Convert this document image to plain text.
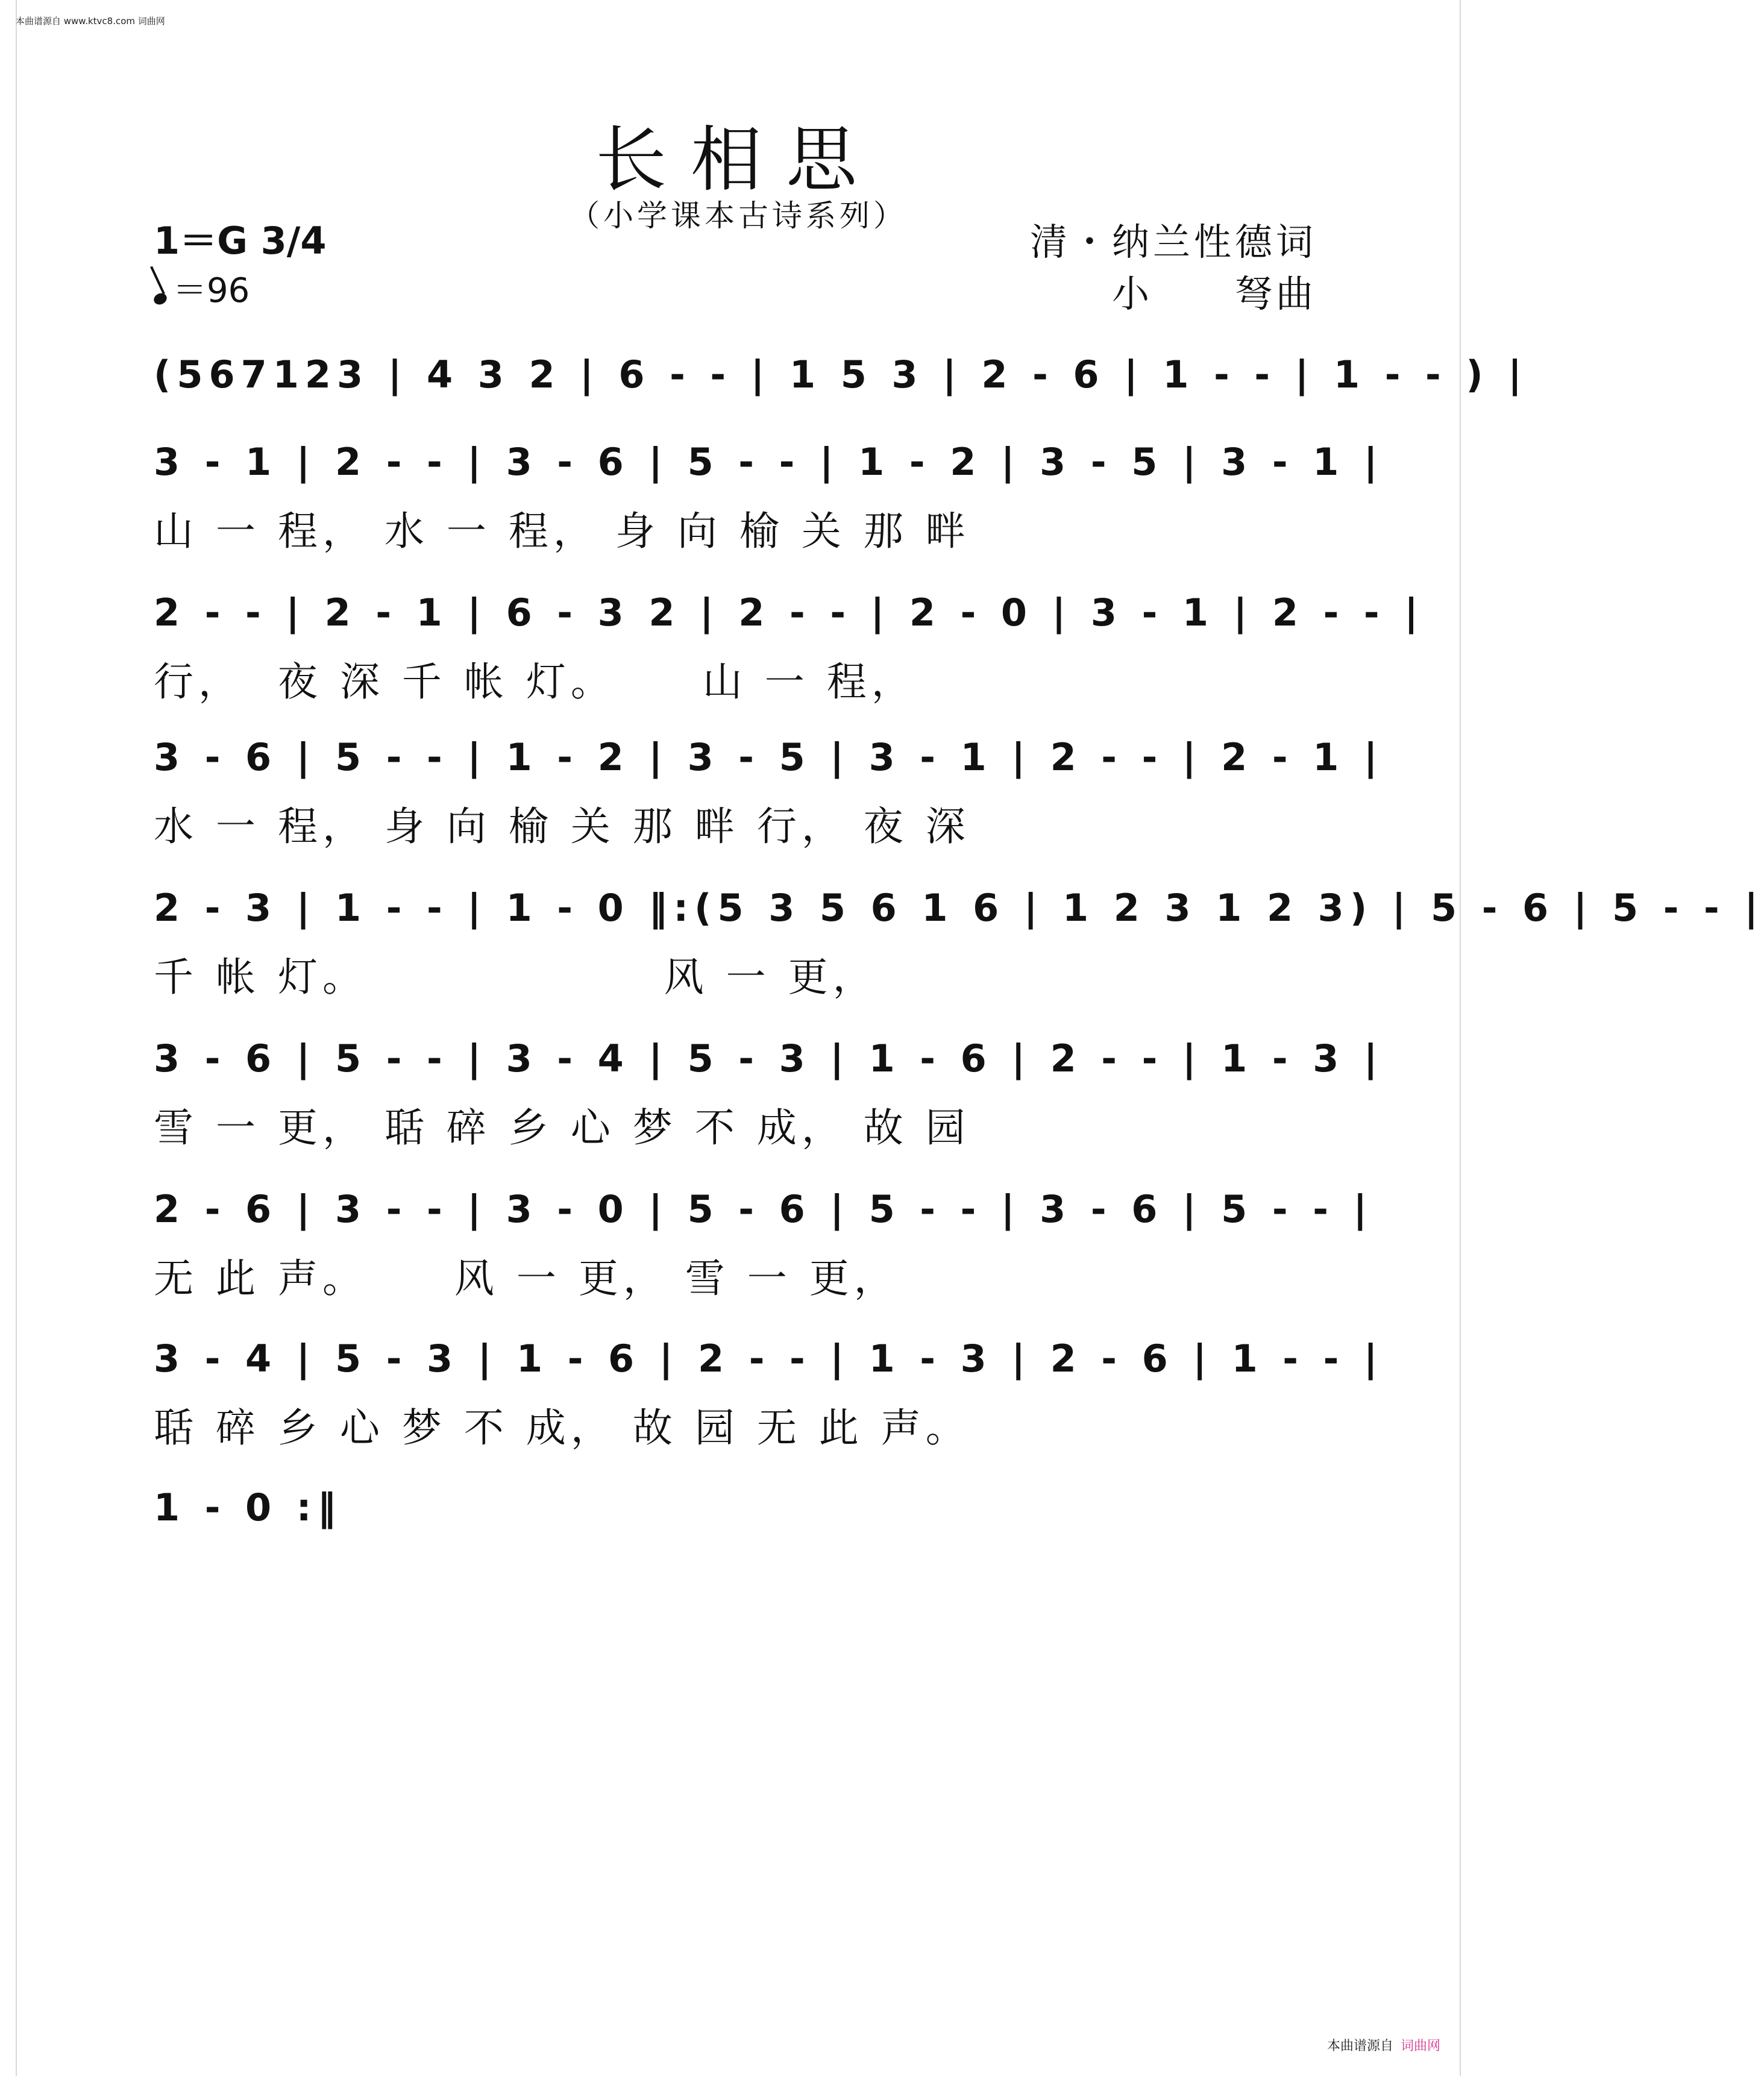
本曲谱源自 www.ktvc8.com 词曲网
长相思
（小学课本古诗系列）
1＝G 3/4
＝96
清・纳兰性德词
小　　弩曲
(567123 | 4 3 2 | 6 - - | 1 5 3 | 2 - 6 | 1 - - | 1 - - ) |
3 - 1 | 2 - - | 3 - 6 | 5 - - | 1 - 2 | 3 - 5 | 3 - 1 |
山 一 程， 水 一 程， 身 向 榆 关 那 畔
2 - - | 2 - 1 | 6 - 3 2 | 2 - - | 2 - 0 | 3 - 1 | 2 - - |
行，  夜 深 千 帐 灯。     山 一 程，
3 - 6 | 5 - - | 1 - 2 | 3 - 5 | 3 - 1 | 2 - - | 2 - 1 |
水 一 程， 身 向 榆 关 那 畔 行， 夜 深
2 - 3 | 1 - - | 1 - 0 ‖:(5 3 5 6 1 6 | 1 2 3 1 2 3) | 5 - 6 | 5 - - |
千 帐 灯。                 风 一 更，
3 - 6 | 5 - - | 3 - 4 | 5 - 3 | 1 - 6 | 2 - - | 1 - 3 |
雪 一 更， 聒 碎 乡 心 梦 不 成， 故 园
2 - 6 | 3 - - | 3 - 0 | 5 - 6 | 5 - - | 3 - 6 | 5 - - |
无 此 声。     风 一 更， 雪 一 更，
3 - 4 | 5 - 3 | 1 - 6 | 2 - - | 1 - 3 | 2 - 6 | 1 - - |
聒 碎 乡 心 梦 不 成， 故 园 无 此 声。
1 - 0 :‖
本曲谱源自 词曲网
